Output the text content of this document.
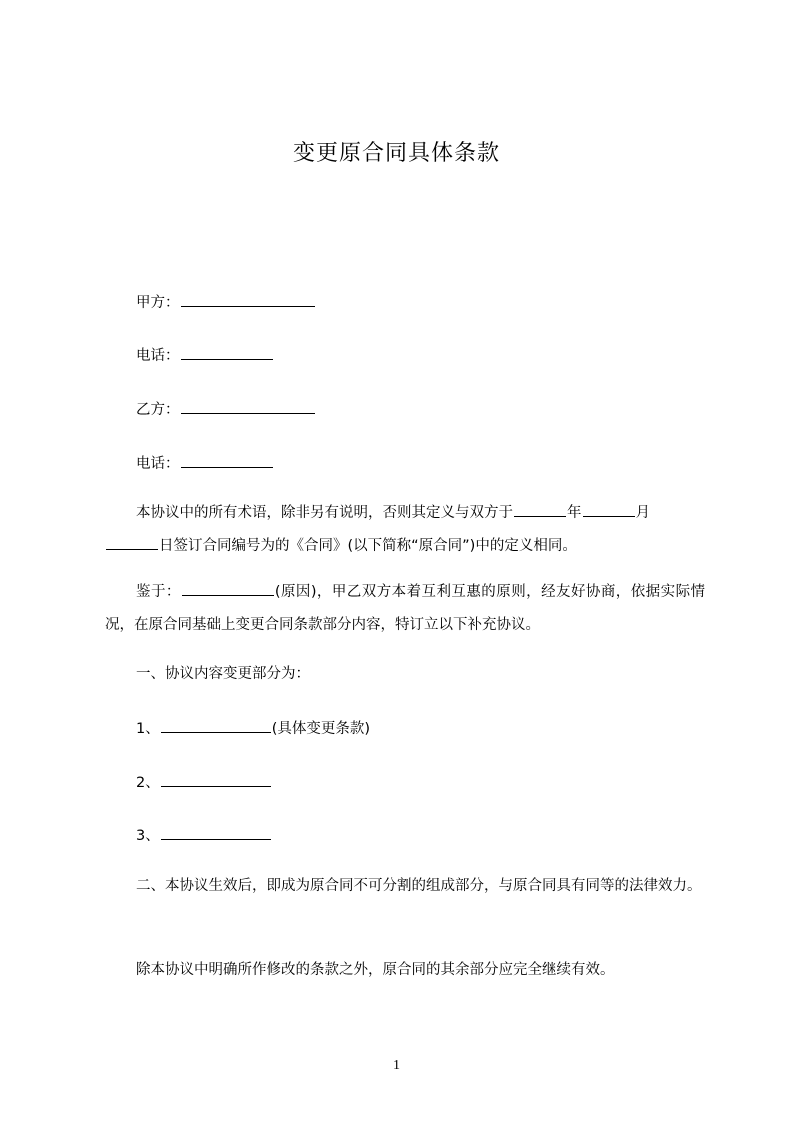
变更原合同具体条款
甲方：
电话：
乙方：
电话：
本协议中的所有术语，除非另有说明，否则其定义与双方于	年	月
日签订合同编号为的《合同》(以下简称“原合同”)中的定义相同。
鉴于：	(原因)，甲乙双方本着互利互惠的原则，经友好协商，依据实际情况，在原合同基础上变更合同条款部分内容，特订立以下补充协议。
一、协议内容变更部分为：
1、	(具体变更条款)
2、
3、
二、本协议生效后，即成为原合同不可分割的组成部分，与原合同具有同等的法律效力。
除本协议中明确所作修改的条款之外，原合同的其余部分应完全继续有效。
1
